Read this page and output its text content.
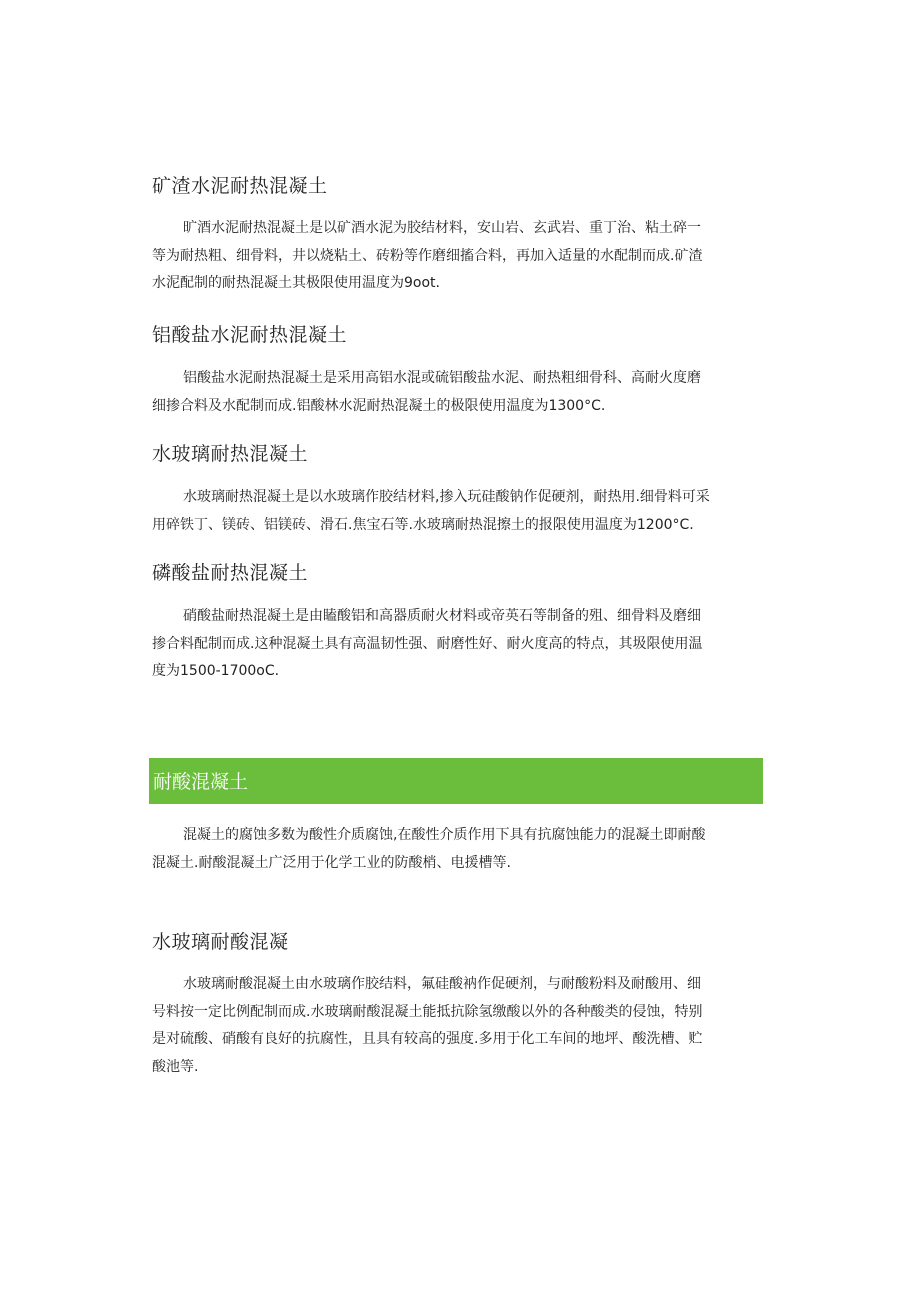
矿渣水泥耐热混凝土
旷酒水泥耐热混凝土是以矿酒水泥为胶结材料，安山岩、玄武岩、重丁治、粘土碎一
等为耐热粗、细骨料，井以烧粘土、砖粉等作磨细搐合料，再加入适量的水配制而成.矿渣
水泥配制的耐热混凝土其极限使用温度为9oot.
铝酸盐水泥耐热混凝土
铝酸盐水泥耐热混凝土是采用高铝水混或硫铝酸盐水泥、耐热粗细骨科、高耐火度磨
细掺合料及水配制而成.铝酸林水泥耐热混凝土的极限使用温度为1300°C.
水玻璃耐热混凝土
水玻璃耐热混凝土是以水玻璃作胶结材料,掺入玩硅酸钠作促硬剂，耐热用.细骨料可采
用碎铁丁、镁砖、铝镁砖、滑石.焦宝石等.水玻璃耐热混擦土的报限使用温度为1200°C.
磷酸盐耐热混凝土
硝酸盐耐热混凝土是由瞌酸铝和高器质耐火材料或帝英石等制备的殂、细骨料及磨细
掺合料配制而成.这种混凝土具有高温韧性强、耐磨性好、耐火度高的特点，其圾限使用温
度为1500-1700oC.
耐酸混凝土
混凝土的腐蚀多数为酸性介质腐蚀,在酸性介质作用下具有抗腐蚀能力的混凝土即耐酸
混凝土.耐酸混凝土广泛用于化学工业的防酸梢、电援槽等.
水玻璃耐酸混凝
水玻璃耐酸混凝土由水玻璃作胶结料，氟硅酸衲作促硬剂，与耐酸粉料及耐酸用、细
号料按一定比例配制而成.水玻璃耐酸混凝土能抵抗除氢缴酸以外的各种酸类的侵蚀，特别
是对硫酸、硝酸有良好的抗腐性，且具有较高的强度.多用于化工车间的地坪、酸洗槽、贮
酸池等.
